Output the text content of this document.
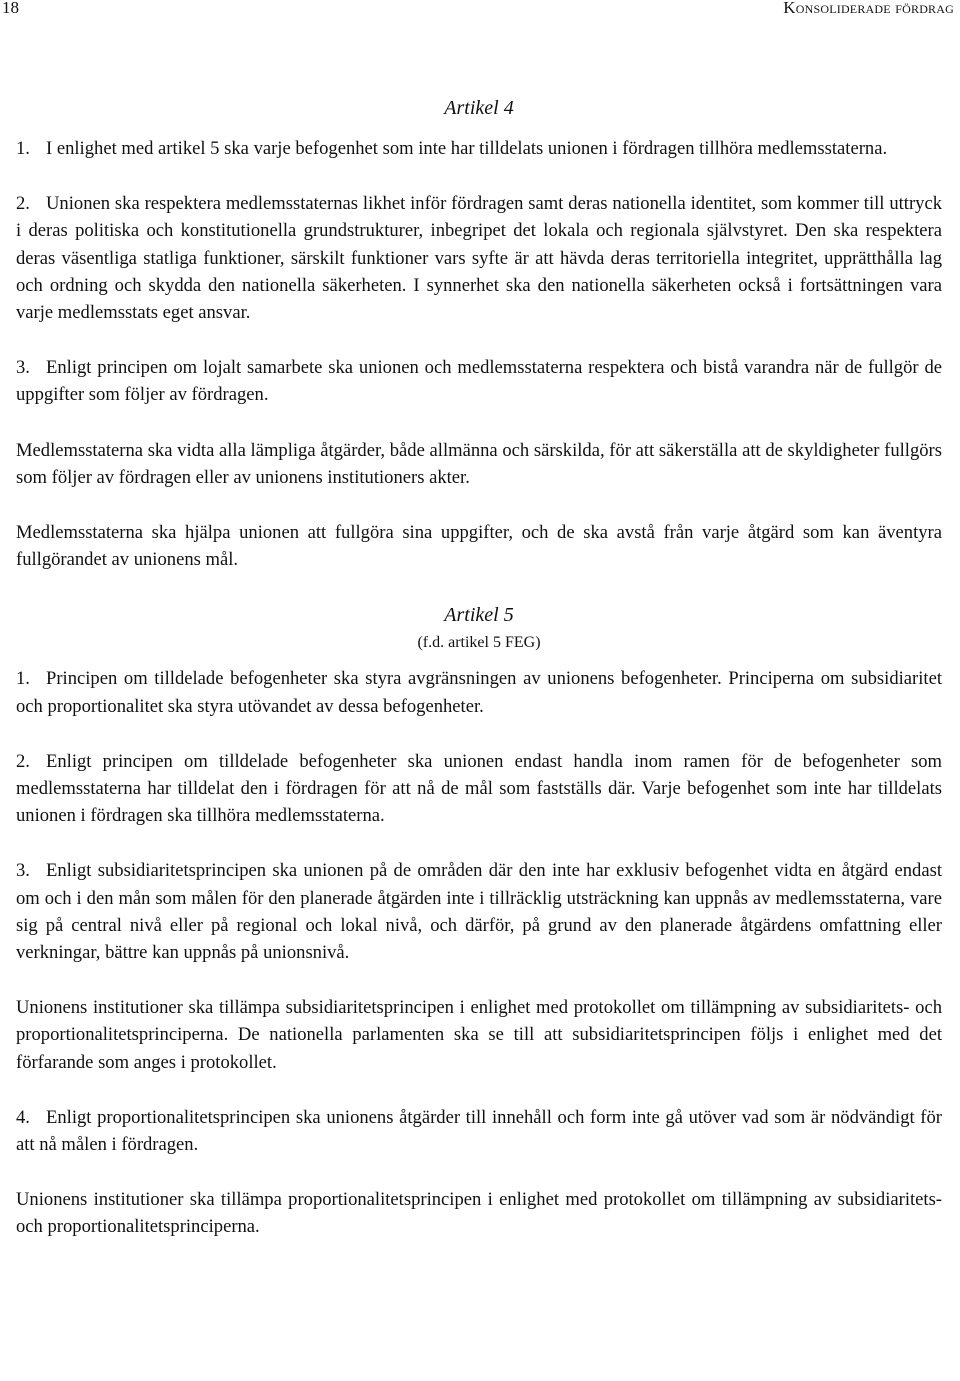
18	Konsoliderade fördrag
Artikel 4

1. I enlighet med artikel 5 ska varje befogenhet som inte har tilldelats unionen i fördragen tillhöra medlemsstaterna.

2. Unionen ska respektera medlemsstaternas likhet inför fördragen samt deras nationella identitet, som kommer till uttryck i deras politiska och konstitutionella grundstrukturer, inbegripet det lokala och regionala självstyret. Den ska respektera deras väsentliga statliga funktioner, särskilt funktioner vars syfte är att hävda deras territoriella integritet, upprätthålla lag och ordning och skydda den nationella säkerheten. I synnerhet ska den nationella säkerheten också i fortsättningen vara varje medlemsstats eget ansvar.

3. Enligt principen om lojalt samarbete ska unionen och medlemsstaterna respektera och bistå varandra när de fullgör de uppgifter som följer av fördragen.

Medlemsstaterna ska vidta alla lämpliga åtgärder, både allmänna och särskilda, för att säkerställa att de skyldigheter fullgörs som följer av fördragen eller av unionens institutioners akter.

Medlemsstaterna ska hjälpa unionen att fullgöra sina uppgifter, och de ska avstå från varje åtgärd som kan äventyra fullgörandet av unionens mål.

Artikel 5
(f.d. artikel 5 FEG)

1. Principen om tilldelade befogenheter ska styra avgränsningen av unionens befogenheter. Principerna om subsidiaritet och proportionalitet ska styra utövandet av dessa befogenheter.

2. Enligt principen om tilldelade befogenheter ska unionen endast handla inom ramen för de befogenheter som medlemsstaterna har tilldelat den i fördragen för att nå de mål som fastställs där. Varje befogenhet som inte har tilldelats unionen i fördragen ska tillhöra medlemsstaterna.

3. Enligt subsidiaritetsprincipen ska unionen på de områden där den inte har exklusiv befogenhet vidta en åtgärd endast om och i den mån som målen för den planerade åtgärden inte i tillräcklig utsträckning kan uppnås av medlemsstaterna, vare sig på central nivå eller på regional och lokal nivå, och därför, på grund av den planerade åtgärdens omfattning eller verkningar, bättre kan uppnås på unionsnivå.

Unionens institutioner ska tillämpa subsidiaritetsprincipen i enlighet med protokollet om tillämpning av subsidiaritets- och proportionalitetsprinciperna. De nationella parlamenten ska se till att subsidiaritetsprincipen följs i enlighet med det förfarande som anges i protokollet.

4. Enligt proportionalitetsprincipen ska unionens åtgärder till innehåll och form inte gå utöver vad som är nödvändigt för att nå målen i fördragen.

Unionens institutioner ska tillämpa proportionalitetsprincipen i enlighet med protokollet om tillämpning av subsidiaritets- och proportionalitetsprinciperna.
